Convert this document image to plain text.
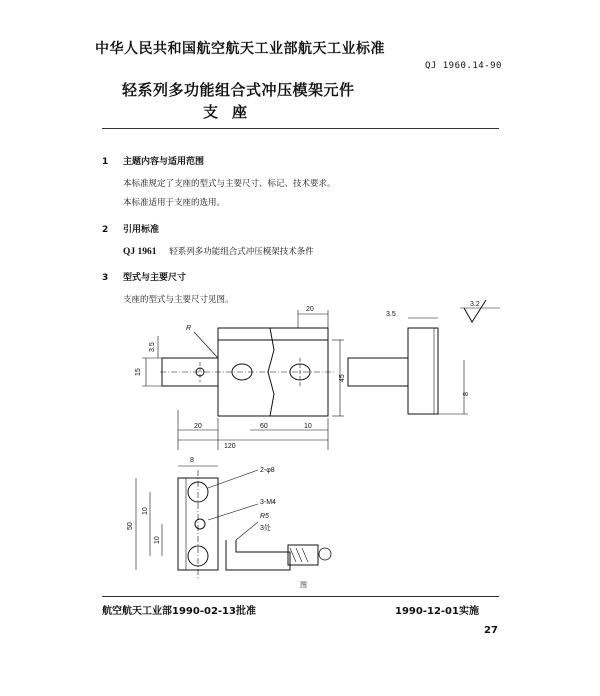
中华人民共和国航空航天工业部航天工业标准
QJ 1960.14-90
轻系列多功能组合式冲压模架元件
支座
1 主题内容与适用范围
本标准规定了支座的型式与主要尺寸、标记、技术要求。
本标准适用于支座的选用。
2 引用标准
QJ 1961 轻系列多功能组合式冲压模架技术条件
3 型式与主要尺寸
支座的型式与主要尺寸见图。
20
3.5
15
20
120
60	10
45
R
3.5
3.2
8
8
2-φ8
3-M4
R5
3处
50
10
10
图
航空航天工业部1990-02-13批准	1990-12-01实施
27
